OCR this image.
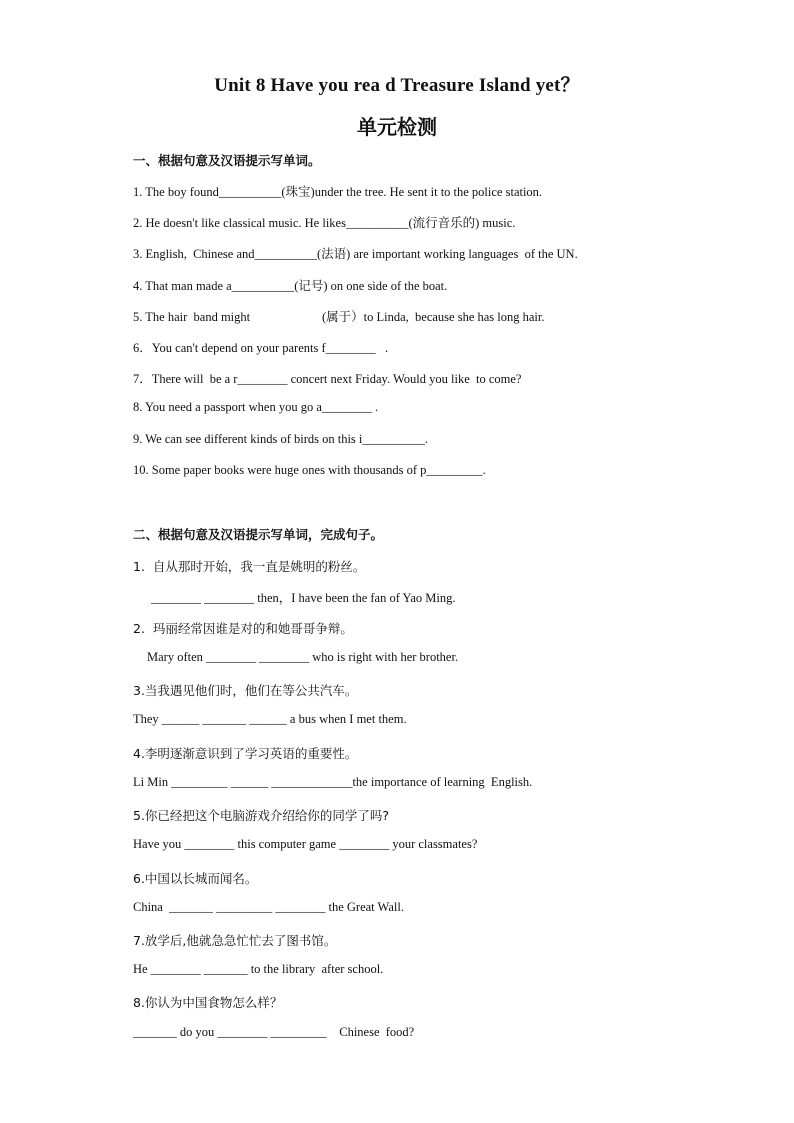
Unit 8 Have you rea d Treasure Island yet？
单元检测
一、根据句意及汉语提示写单词。
1. The boy found__________(珠宝)under the tree. He sent it to the police station.
2. He doesn't like classical music. He likes__________(流行音乐的) music.
3. English,  Chinese and__________(法语) are important working languages  of the UN.
4. That man made a__________(记号) on one side of the boat.
5. The hair  band might                       (属于）to Linda,  because she has long hair.
6．You can't depend on your parents f________   .
7．There will  be a r________ concert next Friday. Would you like  to come?
8. You need a passport when you go a________ .
9. We can see different kinds of birds on this i__________.
10. Some paper books were huge ones with thousands of p_________.
二、根据句意及汉语提示写单词，完成句子。
1.  自从那时开始，我一直是姚明的粉丝。
________ ________ then，I have been the fan of Yao Ming.
2.  玛丽经常因谁是对的和她哥哥争辩。
Mary often ________ ________ who is right with her brother.
3.当我遇见他们时，他们在等公共汽车。
They ______ _______ ______ a bus when I met them.
4.李明逐渐意识到了学习英语的重要性。
Li Min _________ ______ _____________the importance of learning  English.
5.你已经把这个电脑游戏介绍给你的同学了吗?
Have you ________ this computer game ________ your classmates?
6.中国以长城而闻名。
China  _______ _________ ________ the Great Wall.
7.放学后,他就急急忙忙去了图书馆。
He ________ _______ to the library  after school.
8.你认为中国食物怎么样？
_______ do you ________ _________    Chinese  food?
